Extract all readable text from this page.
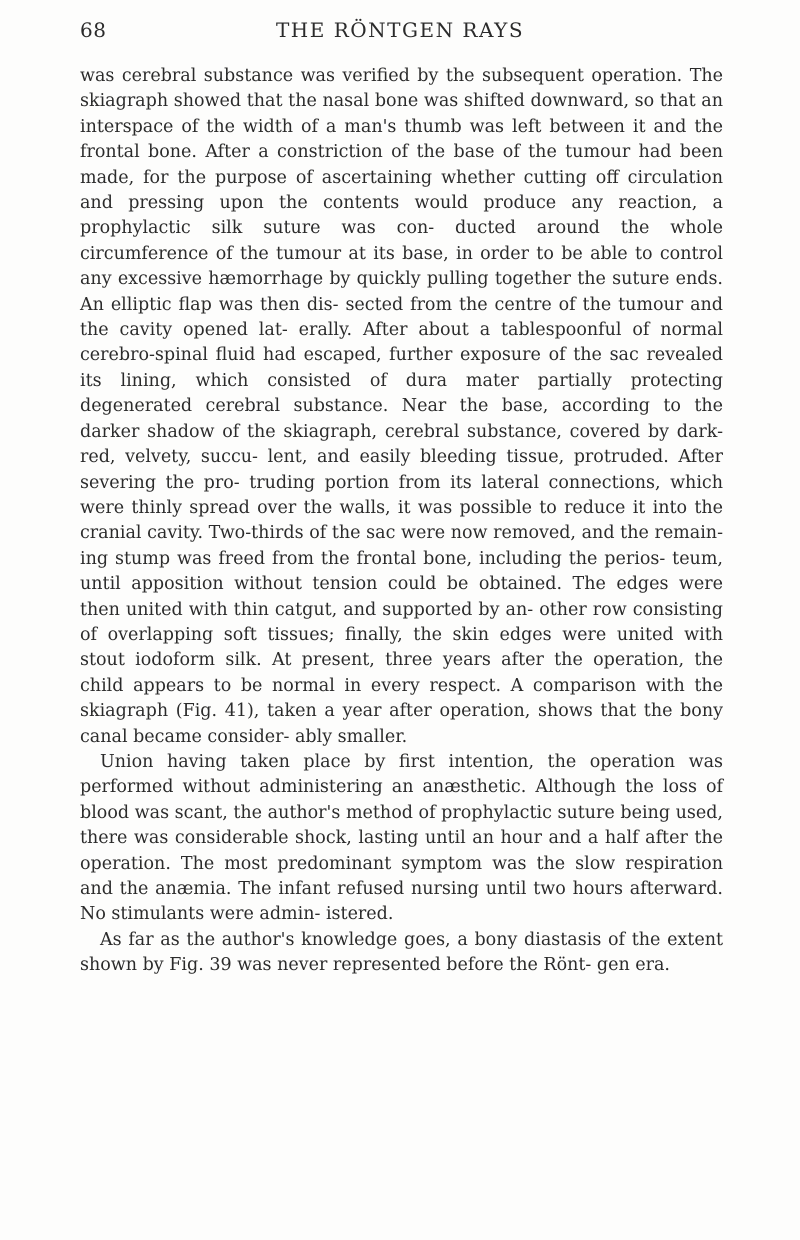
68	THE RÖNTGEN RAYS

was cerebral substance was verified by the subsequent operation. The skiagraph showed that the nasal bone was shifted downward, so that an interspace of the width of a man's thumb was left between it and the frontal bone. After a constriction of the base of the tumour had been made, for the purpose of ascertaining whether cutting off circulation and pressing upon the contents would produce any reaction, a prophylactic silk suture was con- ducted around the whole circumference of the tumour at its base, in order to be able to control any excessive hæmorrhage by quickly pulling together the suture ends. An elliptic flap was then dis- sected from the centre of the tumour and the cavity opened lat- erally. After about a tablespoonful of normal cerebro-spinal fluid had escaped, further exposure of the sac revealed its lining, which consisted of dura mater partially protecting degenerated cerebral substance. Near the base, according to the darker shadow of the skiagraph, cerebral substance, covered by dark-red, velvety, succu- lent, and easily bleeding tissue, protruded. After severing the pro- truding portion from its lateral connections, which were thinly spread over the walls, it was possible to reduce it into the cranial cavity. Two-thirds of the sac were now removed, and the remain- ing stump was freed from the frontal bone, including the perios- teum, until apposition without tension could be obtained. The edges were then united with thin catgut, and supported by an- other row consisting of overlapping soft tissues; finally, the skin edges were united with stout iodoform silk. At present, three years after the operation, the child appears to be normal in every respect. A comparison with the skiagraph (Fig. 41), taken a year after operation, shows that the bony canal became consider- ably smaller.

Union having taken place by first intention, the operation was performed without administering an anæsthetic. Although the loss of blood was scant, the author's method of prophylactic suture being used, there was considerable shock, lasting until an hour and a half after the operation. The most predominant symptom was the slow respiration and the anæmia. The infant refused nursing until two hours afterward. No stimulants were admin- istered.

As far as the author's knowledge goes, a bony diastasis of the extent shown by Fig. 39 was never represented before the Rönt- gen era.
